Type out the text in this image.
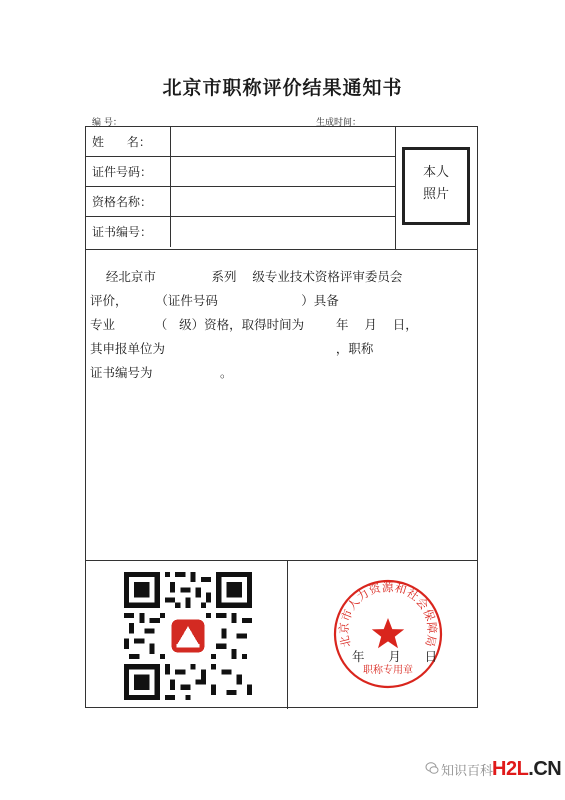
北京市职称评价结果通知书
编 号：	生成时间：
姓      名：
证件号码：
资格名称：
证书编号：
本人
照片
经北京市              系列    级专业技术资格评审委员会
评价，       （证件号码                     ）具备
专业          （   级）资格，取得时间为        年    月    日，
其申报单位为                                           ，职称
证书编号为                 。
北京市人力资源和社会保障局
职称专用章
年      月      日
知识百科
H2L.CN
